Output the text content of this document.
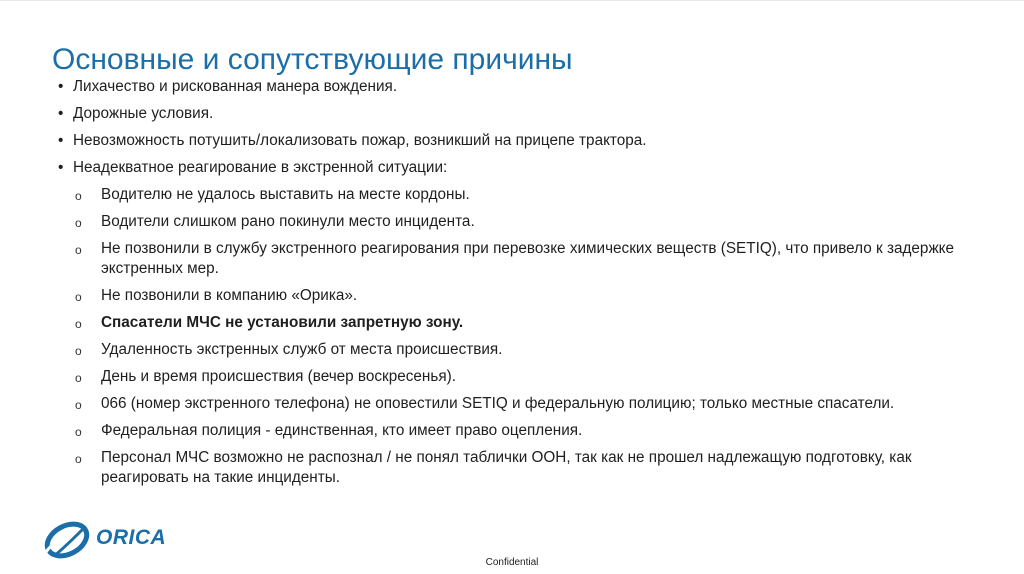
Основные и сопутствующие причины
• Лихачество и рискованная манера вождения.
• Дорожные условия.
• Невозможность потушить/локализовать пожар, возникший на прицепе трактора.
• Неадекватное реагирование в экстренной ситуации:
o Водителю не удалось выставить на месте кордоны.
o Водители слишком рано покинули место инцидента.
o Не позвонили в службу экстренного реагирования при перевозке химических веществ (SETIQ), что привело к задержке экстренных мер.
o Не позвонили в компанию «Орика».
o Спасатели МЧС не установили запретную зону.
o Удаленность экстренных служб от места происшествия.
o День и время происшествия (вечер воскресенья).
o 066 (номер экстренного телефона) не оповестили SETIQ и федеральную полицию; только местные спасатели.
o Федеральная полиция - единственная, кто имеет право оцепления.
o Персонал МЧС возможно не распознал / не понял таблички ООН, так как не прошел надлежащую подготовку, как реагировать на такие инциденты.
ORICA
Confidential
